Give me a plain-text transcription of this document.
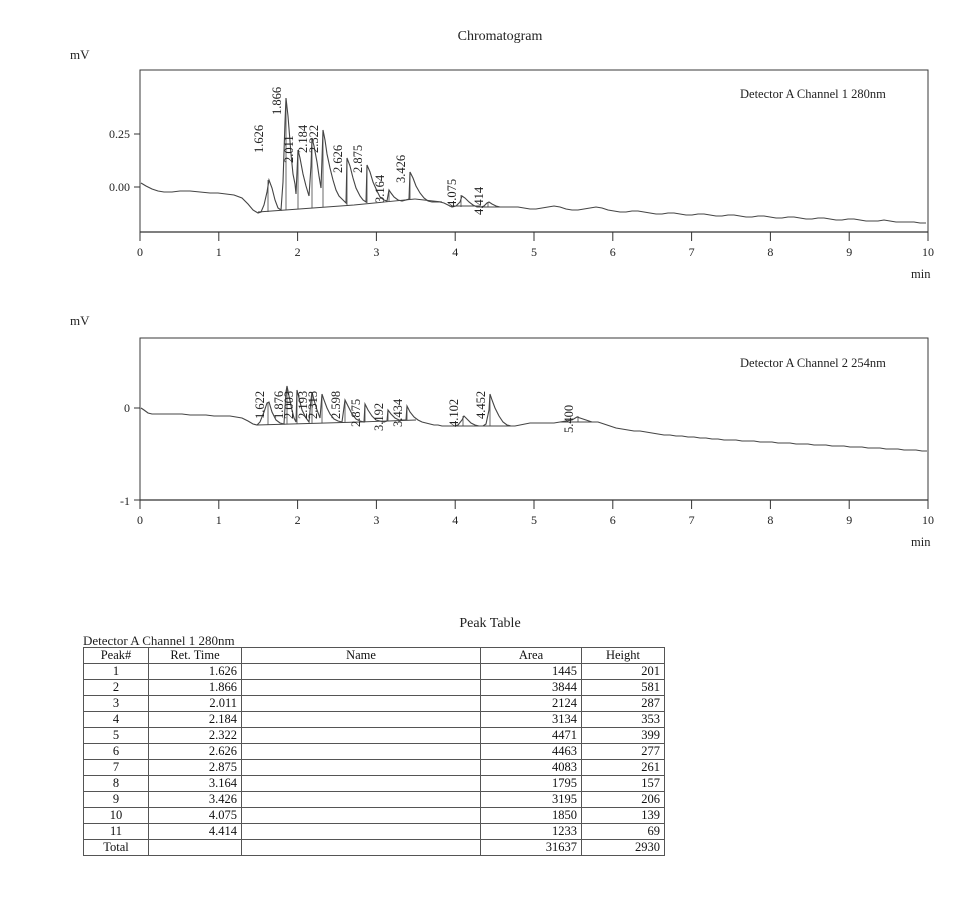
Chromatogram
mV
0.25
0.00
0	1	2	3	4	5	6	7	8	9	10
Detector A Channel 1 280nm
1.626
1.866
2.011 2.184
2.322
2.626 2.875
3.164
3.426
4.075 4.414
min
mV
0
-1
0	1	2	3	4	5	6	7	8	9	10
Detector A Channel 2 254nm
1.622 1.876
2.003 2.193
2.313 2.598 2.875 3.192 3.434	4.102 4.452	5.400
min
Peak Table
Detector A Channel 1 280nm
Peak#	Ret. Time	Name	Area	Height
1	1.626		1445	201
2	1.866		3844	581
3	2.011		2124	287
4	2.184		3134	353
5	2.322		4471	399
6	2.626		4463	277
7	2.875		4083	261
8	3.164		1795	157
9	3.426		3195	206
10	4.075		1850	139
11	4.414		1233	69
Total			31637	2930
